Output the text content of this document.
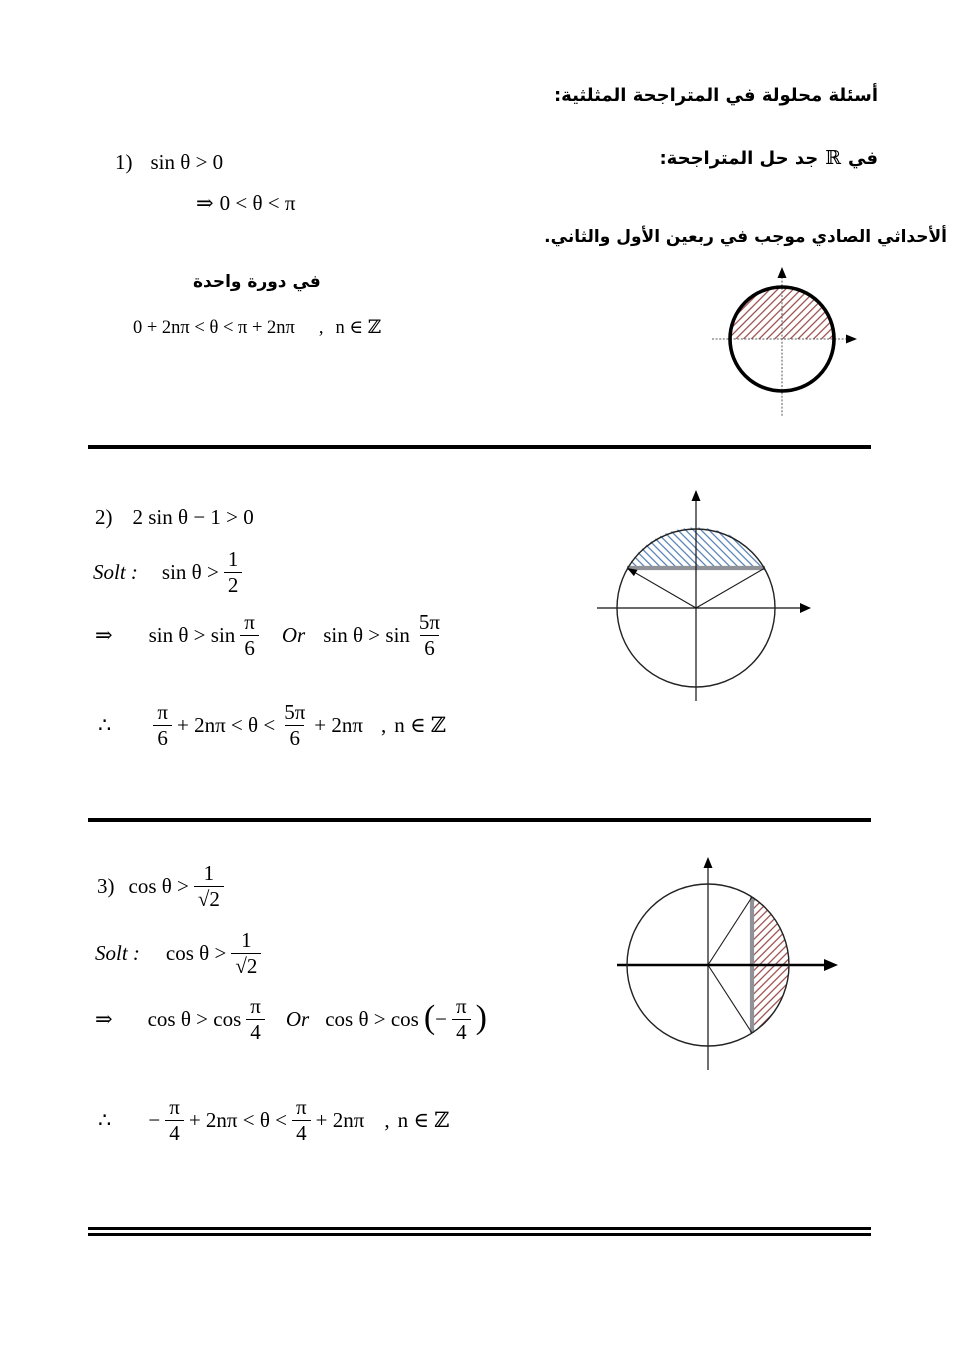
أسئلة محلولة في المتراجحة المثلثية:
في
ℝ
جد حل المتراجحة:
1) sin θ > 0
⇒ 0 < θ < π
ألأحداثي الصادي موجب في ربعين الأول والثاني.
في دورة واحدة
0 + 2nπ < θ < π + 2nπ , n ∈ ℤ
2) 2 sin θ − 1 > 0
Solt : $\sin \theta > \frac{1}{2}$
⇒ $\sin \theta > \sin \frac{\pi}{6}$ Or $\sin \theta > \sin \frac{5\pi}{6}$
∴ $\frac{\pi}{6} + 2n\pi < \theta < \frac{5\pi}{6} + 2n\pi$ , n ∈ ℤ
3) $\cos \theta > \frac{1}{√2}$
Solt : $\cos \theta > \frac{1}{√2}$
⇒ $\cos \theta > \cos \frac{\pi}{4}$ Or cos θ > cos ( − $\frac{\pi}{4}$ )
∴ − $\frac{\pi}{4} + 2n\pi < \theta < \frac{\pi}{4} + 2n\pi$ , n ∈ ℤ
